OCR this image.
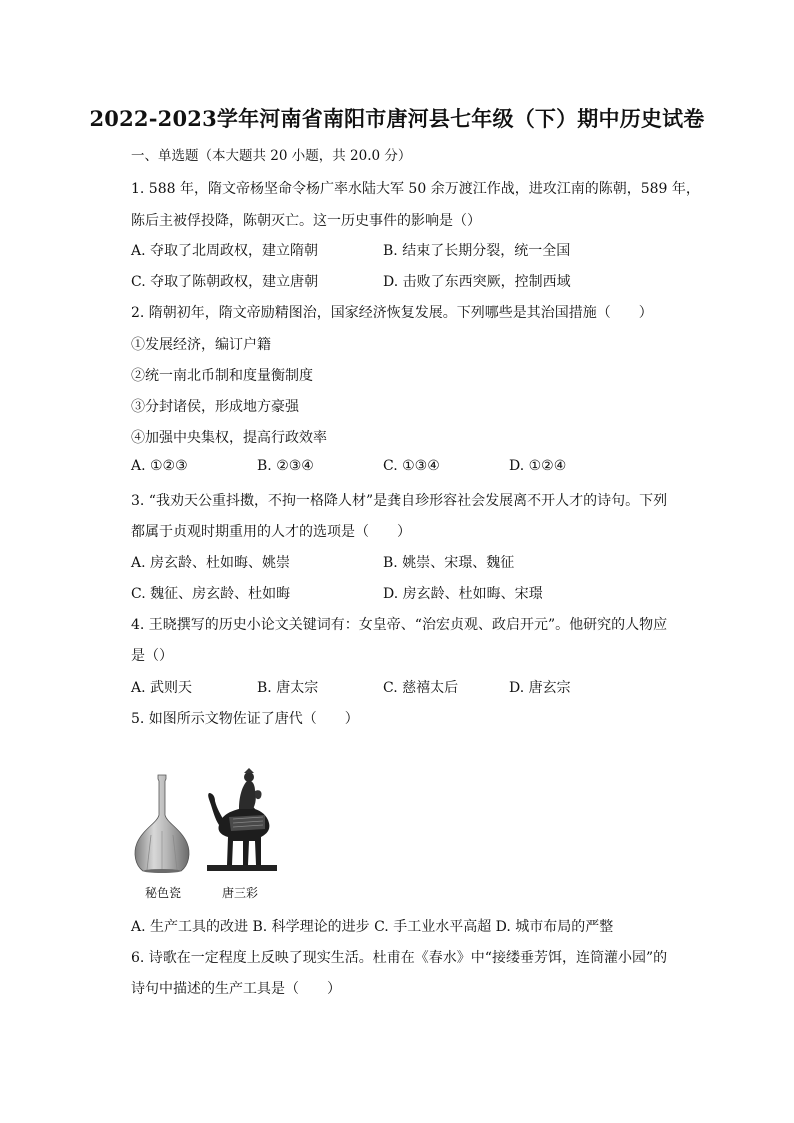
2022-2023学年河南省南阳市唐河县七年级（下）期中历史试卷
一、单选题（本大题共 20 小题，共 20.0 分）
1. 588 年，隋文帝杨坚命令杨广率水陆大军 50 余万渡江作战，进攻江南的陈朝，589 年，
陈后主被俘投降，陈朝灭亡。这一历史事件的影响是（）
A. 夺取了北周政权，建立隋朝	B. 结束了长期分裂，统一全国
C. 夺取了陈朝政权，建立唐朝	D. 击败了东西突厥，控制西域
2. 隋朝初年，隋文帝励精图治，国家经济恢复发展。下列哪些是其治国措施（　　）
①发展经济，编订户籍
②统一南北币制和度量衡制度
③分封诸侯，形成地方豪强
④加强中央集权，提高行政效率
A. ①②③	B. ②③④	C. ①③④	D. ①②④
3. “我劝天公重抖擞，不拘一格降人材”是龚自珍形容社会发展离不开人才的诗句。下列
都属于贞观时期重用的人才的选项是（　　）
A. 房玄龄、杜如晦、姚崇	B. 姚崇、宋璟、魏征
C. 魏征、房玄龄、杜如晦	D. 房玄龄、杜如晦、宋璟
4. 王晓撰写的历史小论文关键词有：女皇帝、“治宏贞观、政启开元”。他研究的人物应
是（）
A. 武则天	B. 唐太宗	C. 慈禧太后	D. 唐玄宗
5. 如图所示文物佐证了唐代（　　）
秘色瓷	唐三彩
A. 生产工具的改进 B. 科学理论的进步 C. 手工业水平高超 D. 城市布局的严整
6. 诗歌在一定程度上反映了现实生活。杜甫在《春水》中“接缕垂芳饵，连筒灌小园”的
诗句中描述的生产工具是（　　）
